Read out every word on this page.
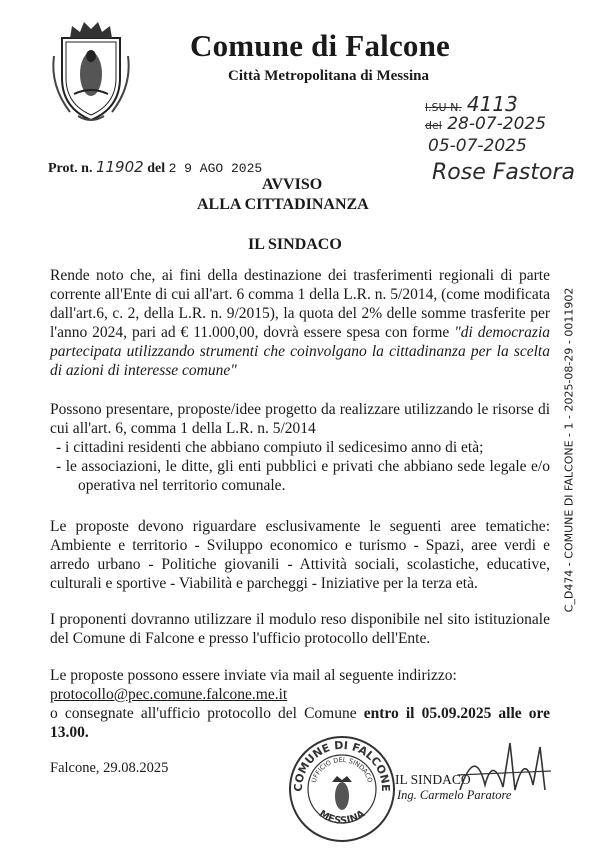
Comune di Falcone
Città Metropolitana di Messina
l.SU N. 4113
del 28-07-2025
05-07-2025
Rose Fastora
Prot. n. 11902 del 2 9 AGO 2025
AVVISO
ALLA CITTADINANZA
IL SINDACO

Rende noto che, ai fini della destinazione dei trasferimenti regionali di parte corrente all'Ente di cui all'art. 6 comma 1 della L.R. n. 5/2014, (come modificata dall'art.6, c. 2, della L.R. n. 9/2015), la quota del 2% delle somme trasferite per l'anno 2024, pari ad € 11.000,00, dovrà essere spesa con forme "di democrazia partecipata utilizzando strumenti che coinvolgano la cittadinanza per la scelta di azioni di interesse comune"

Possono presentare, proposte/idee progetto da realizzare utilizzando le risorse di cui all'art. 6, comma 1 della L.R. n. 5/2014

- i cittadini residenti che abbiano compiuto il sedicesimo anno di età;
- le associazioni, le ditte, gli enti pubblici e privati che abbiano sede legale e/o operativa nel territorio comunale.

Le proposte devono riguardare esclusivamente le seguenti aree tematiche: Ambiente e territorio - Sviluppo economico e turismo - Spazi, aree verdi e arredo urbano - Politiche giovanili - Attività sociali, scolastiche, educative, culturali e sportive - Viabilità e parcheggi - Iniziative per la terza età.

I proponenti dovranno utilizzare il modulo reso disponibile nel sito istituzionale del Comune di Falcone e presso l'ufficio protocollo dell'Ente.

Le proposte possono essere inviate via mail al seguente indirizzo:

protocollo@pec.comune.falcone.me.it

o consegnate all'ufficio protocollo del Comune entro il 05.09.2025 alle ore 13.00.

Falcone, 29.08.2025
COMUNE DI FALCONE
UFFICIO DEL SINDACO
MESSINA
IL SINDACO
Ing. Carmelo Paratore
C_D474 - COMUNE DI FALCONE - 1 - 2025-08-29 - 0011902
